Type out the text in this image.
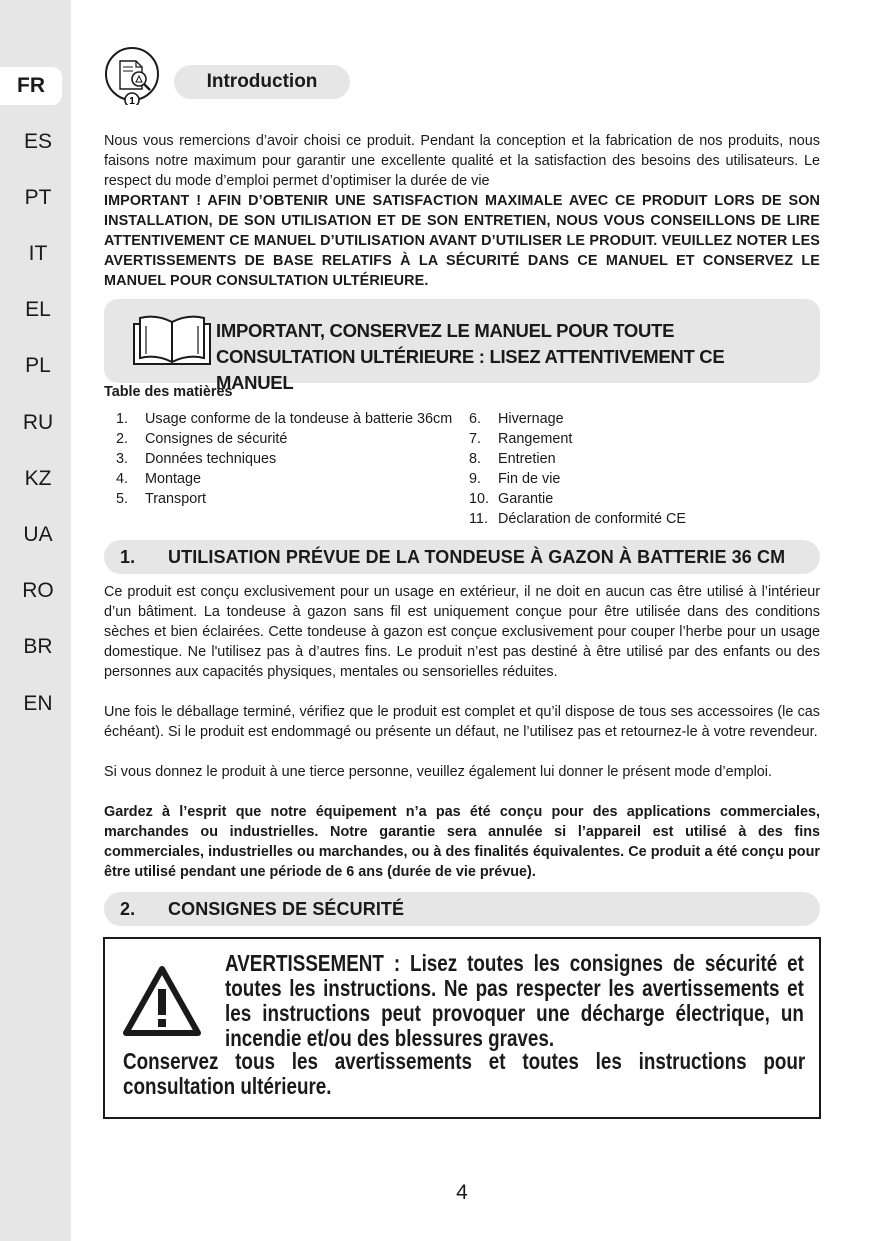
FR
ES
PT
IT
EL
PL
RU
KZ
UA
RO
BR
EN
1
Introduction

Nous vous remercions d’avoir choisi ce produit. Pendant la conception et la fabrication de nos produits, nous faisons notre maximum pour garantir une excellente qualité et la satisfaction des besoins des utilisateurs. Le respect du mode d’emploi permet d’optimiser la durée de vie

IMPORTANT ! AFIN D’OBTENIR UNE SATISFACTION MAXIMALE AVEC CE PRODUIT LORS DE SON INSTALLATION, DE SON UTILISATION ET DE SON ENTRETIEN, NOUS VOUS CONSEILLONS DE LIRE ATTENTIVEMENT CE MANUEL D’UTILISATION AVANT D’UTILISER LE PRODUIT. VEUILLEZ NOTER LES AVERTISSEMENTS DE BASE RELATIFS À LA SÉCURITÉ DANS CE MANUEL ET CONSERVEZ LE MANUEL POUR CONSULTATION ULTÉRIEURE.

IMPORTANT, CONSERVEZ LE MANUEL POUR TOUTE
CONSULTATION ULTÉRIEURE : LISEZ ATTENTIVEMENT CE MANUEL
Table des matières
1.	Usage conforme de la tondeuse à batterie 36cm
2.	Consignes de sécurité
3.	Données techniques
4.	Montage
5.	Transport
6.	Hivernage
7.	Rangement
8.	Entretien
9.	Fin de vie
10. Garantie
11. Déclaration de conformité CE
1.	UTILISATION PRÉVUE DE LA TONDEUSE À GAZON À BATTERIE 36 CM

Ce produit est conçu exclusivement pour un usage en extérieur, il ne doit en aucun cas être utilisé à l’intérieur d’un bâtiment. La tondeuse à gazon sans fil est uniquement conçue pour être utilisée dans des conditions sèches et bien éclairées. Cette tondeuse à gazon est conçue exclusivement pour couper l’herbe pour un usage domestique. Ne l'utilisez pas à d’autres fins. Le produit n’est pas destiné à être utilisé par des enfants ou des personnes aux capacités physiques, mentales ou sensorielles réduites.

Une fois le déballage terminé, vérifiez que le produit est complet et qu’il dispose de tous ses accessoires (le cas échéant). Si le produit est endommagé ou présente un défaut, ne l’utilisez pas et retournez-le à votre revendeur.

Si vous donnez le produit à une tierce personne, veuillez également lui donner le présent mode d’emploi.

Gardez à l’esprit que notre équipement n’a pas été conçu pour des applications commerciales, marchandes ou industrielles. Notre garantie sera annulée si l’appareil est utilisé à des fins commerciales, industrielles ou marchandes, ou à des finalités équivalentes. Ce produit a été conçu pour être utilisé pendant une période de 6 ans (durée de vie prévue).

2.	CONSIGNES DE SÉCURITÉ
AVERTISSEMENT : Lisez toutes les consignes de sécurité et toutes les instructions. Ne pas respecter les avertissements et les instructions peut provoquer une décharge électrique, un incendie et/ou des blessures graves.
Conservez tous les avertissements et toutes les instructions pour consultation ultérieure.
4
